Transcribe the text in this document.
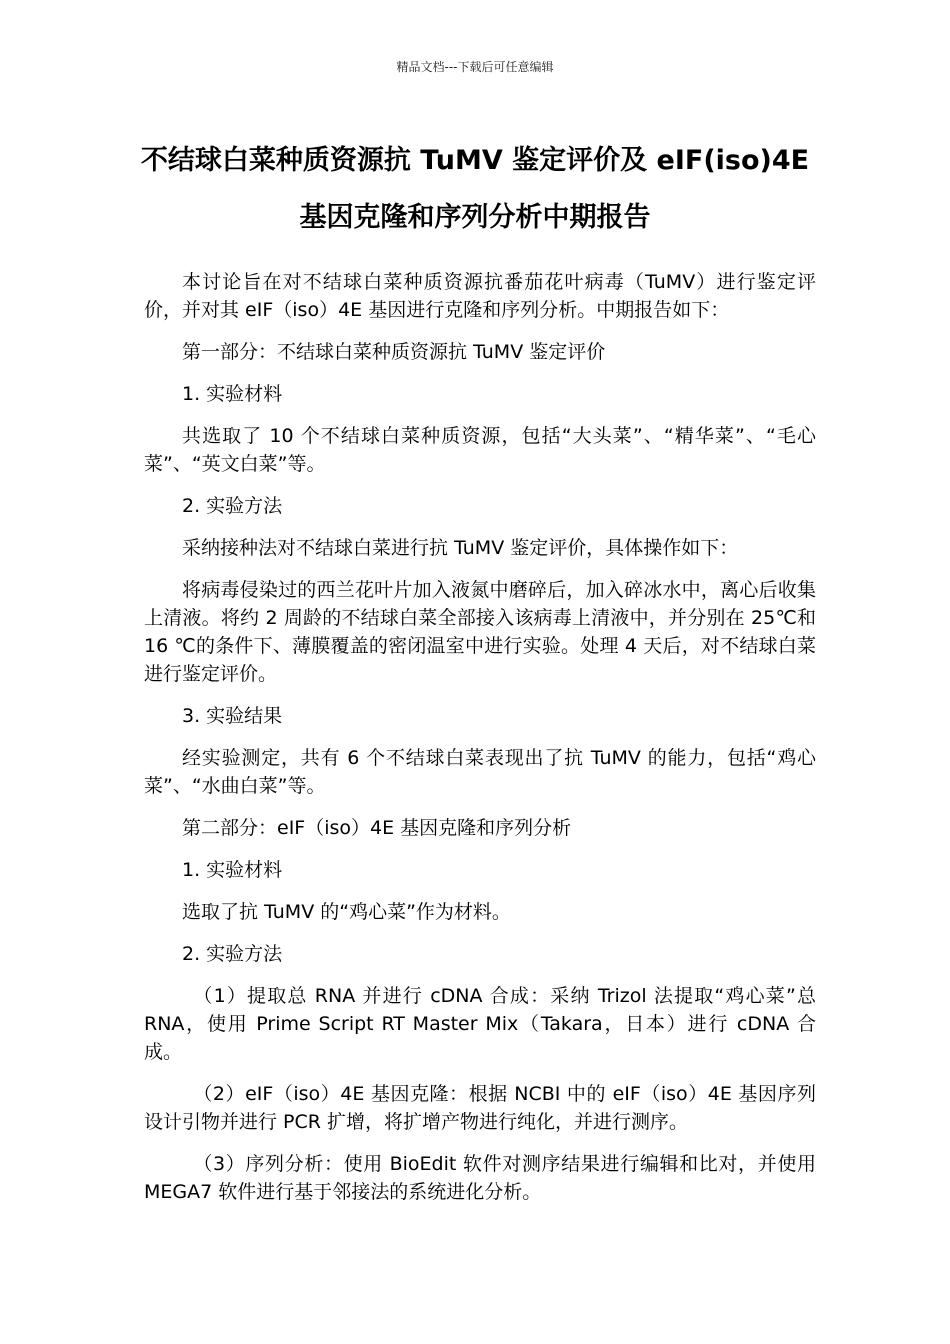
精品文档---下载后可任意编辑
不结球白菜种质资源抗 TuMV 鉴定评价及 eIF(iso)4E
基因克隆和序列分析中期报告

本讨论旨在对不结球白菜种质资源抗番茄花叶病毒（TuMV）进行鉴定评价，并对其 eIF（iso）4E 基因进行克隆和序列分析。中期报告如下：

第一部分：不结球白菜种质资源抗 TuMV 鉴定评价

1. 实验材料

共选取了 10 个不结球白菜种质资源，包括“大头菜”、“精华菜”、“毛心菜”、“英文白菜”等。

2. 实验方法

采纳接种法对不结球白菜进行抗 TuMV 鉴定评价，具体操作如下：

将病毒侵染过的西兰花叶片加入液氮中磨碎后，加入碎冰水中，离心后收集上清液。将约 2 周龄的不结球白菜全部接入该病毒上清液中，并分别在 25℃和 16 ℃的条件下、薄膜覆盖的密闭温室中进行实验。处理 4 天后，对不结球白菜进行鉴定评价。

3. 实验结果

经实验测定，共有 6 个不结球白菜表现出了抗 TuMV 的能力，包括“鸡心菜”、“水曲白菜”等。

第二部分：eIF（iso）4E 基因克隆和序列分析

1. 实验材料

选取了抗 TuMV 的“鸡心菜”作为材料。

2. 实验方法

（1）提取总 RNA 并进行 cDNA 合成：采纳 Trizol 法提取“鸡心菜”总 RNA，使用 Prime Script RT Master Mix（Takara，日本）进行 cDNA 合成。

（2）eIF（iso）4E 基因克隆：根据 NCBI 中的 eIF（iso）4E 基因序列设计引物并进行 PCR 扩增，将扩增产物进行纯化，并进行测序。

（3）序列分析：使用 BioEdit 软件对测序结果进行编辑和比对，并使用 MEGA7 软件进行基于邻接法的系统进化分析。
